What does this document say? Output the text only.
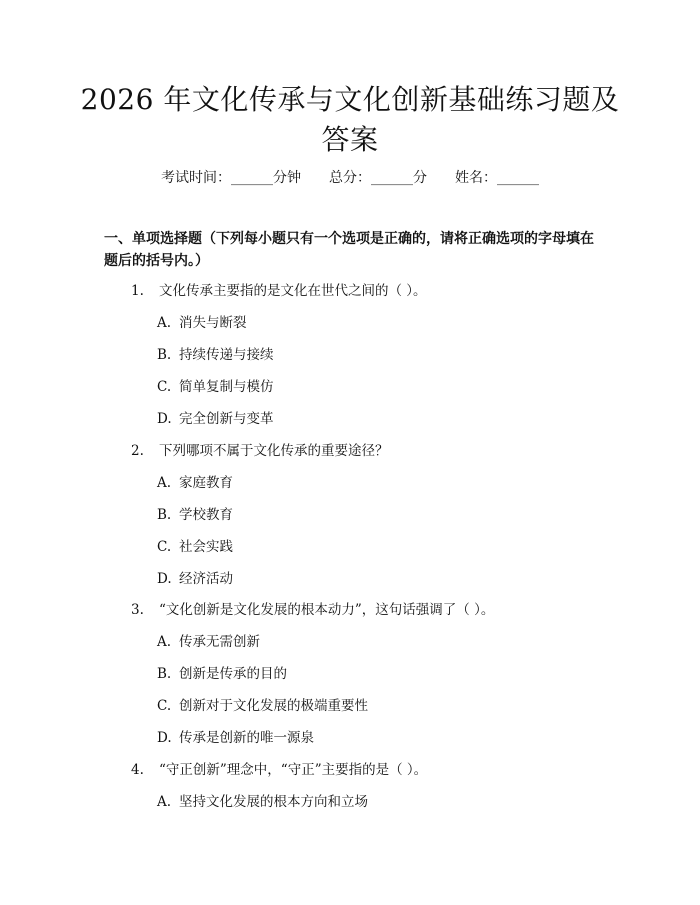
2026 年文化传承与文化创新基础练习题及答案
考试时间：______分钟 总分：______分 姓名：______
一、单项选择题（下列每小题只有一个选项是正确的，请将正确选项的字母填在题后的括号内。）
1. 文化传承主要指的是文化在世代之间的（ ）。
A. 消失与断裂
B. 持续传递与接续
C. 简单复制与模仿
D. 完全创新与变革
2. 下列哪项不属于文化传承的重要途径？
A. 家庭教育
B. 学校教育
C. 社会实践
D. 经济活动
3. “文化创新是文化发展的根本动力”，这句话强调了（ ）。
A. 传承无需创新
B. 创新是传承的目的
C. 创新对于文化发展的极端重要性
D. 传承是创新的唯一源泉
4. “守正创新”理念中，“守正”主要指的是（ ）。
A. 坚持文化发展的根本方向和立场
